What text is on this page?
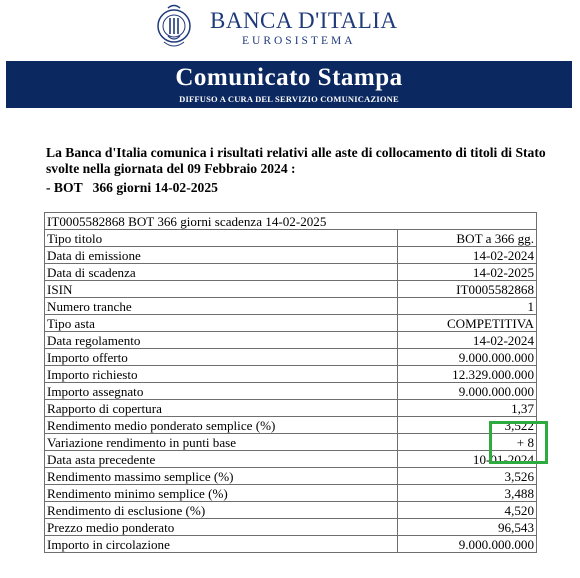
BANCA D'ITALIA
EUROSISTEMA
Comunicato Stampa
DIFFUSO A CURA DEL SERVIZIO COMUNICAZIONE
La Banca d'Italia comunica i risultati relativi alle aste di collocamento di titoli di Stato svolte nella giornata del 09 Febbraio 2024 :
- BOT   366 giorni 14-02-2025
IT0005582868 BOT 366 giorni scadenza 14-02-2025	
Tipo titolo	BOT a 366 gg.
Data di emissione	14-02-2024
Data di scadenza	14-02-2025
ISIN	IT0005582868
Numero tranche	1
Tipo asta	COMPETITIVA
Data regolamento	14-02-2024
Importo offerto	9.000.000.000
Importo richiesto	12.329.000.000
Importo assegnato	9.000.000.000
Rapporto di copertura	1,37
Rendimento medio ponderato semplice (%)	3,522
Variazione rendimento in punti base	+ 8
Data asta precedente	10-01-2024
Rendimento massimo semplice (%)	3,526
Rendimento minimo semplice (%)	3,488
Rendimento di esclusione (%)	4,520
Prezzo medio ponderato	96,543
Importo in circolazione	9.000.000.000
